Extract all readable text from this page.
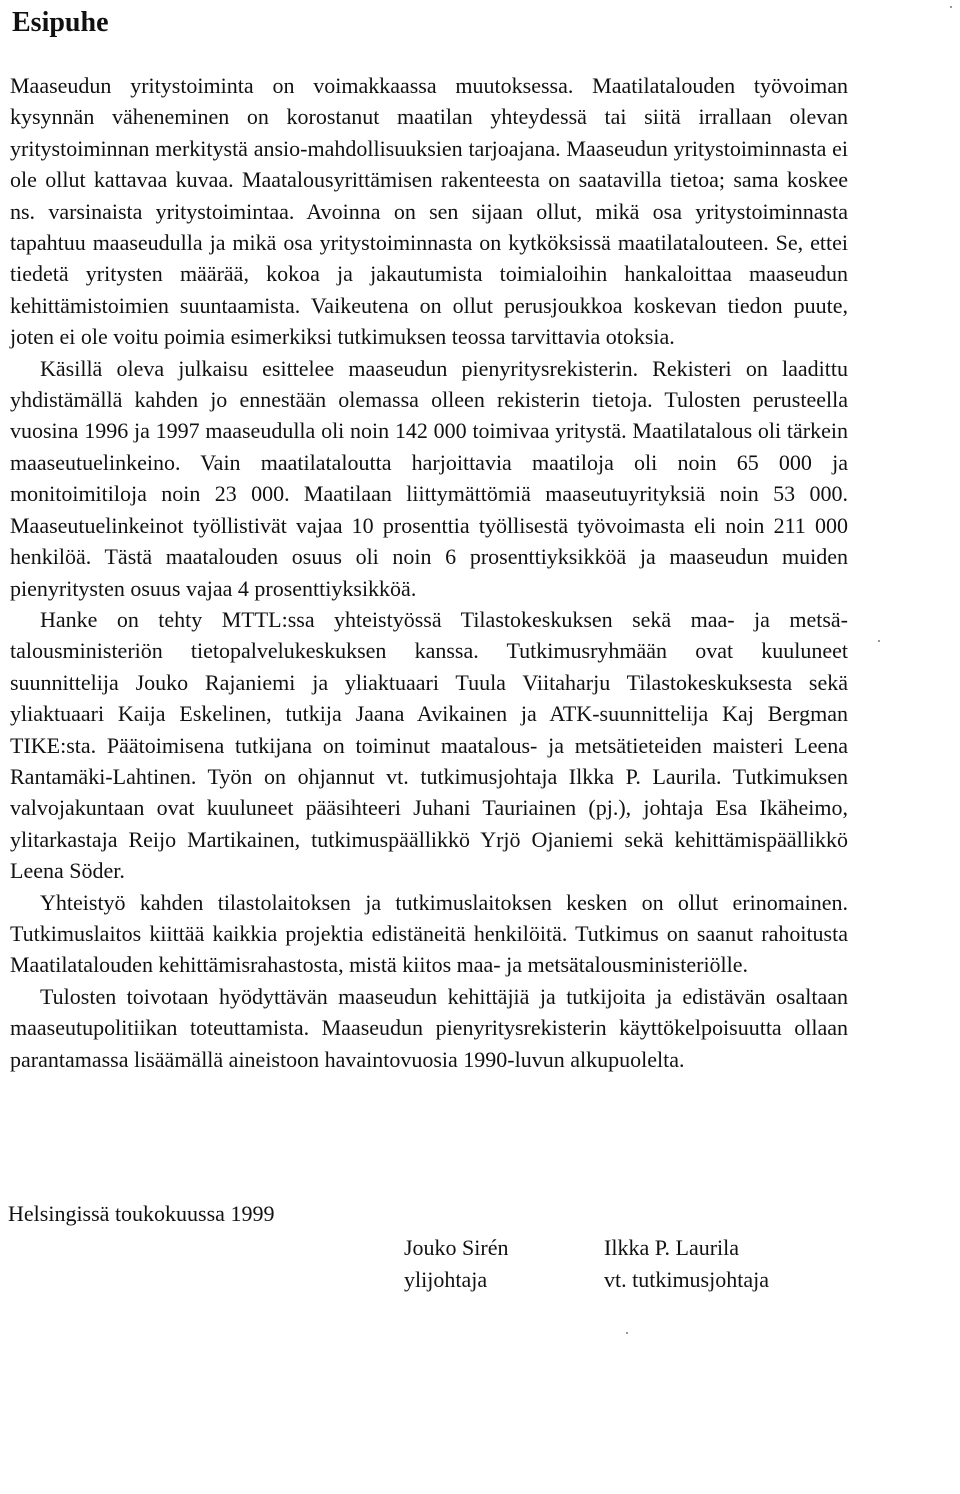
Esipuhe

Maaseudun yritystoiminta on voimakkaassa muutoksessa. Maatilatalouden työvoiman kysynnän väheneminen on korostanut maatilan yhteydessä tai siitä irrallaan olevan yritystoiminnan merkitystä ansio-mahdollisuuksien tarjoajana. Maaseudun yritystoiminnasta ei ole ollut kattavaa kuvaa. Maatalousyrittämisen rakenteesta on saatavilla tietoa; sama koskee ns. varsinaista yritystoimintaa. Avoinna on sen sijaan ollut, mikä osa yritystoiminnasta tapahtuu maaseudulla ja mikä osa yritystoiminnasta on kytköksissä maatilatalouteen. Se, ettei tiedetä yritysten määrää, kokoa ja jakautumista toimialoihin hankaloittaa maaseudun kehittämistoimien suuntaamista. Vaikeutena on ollut perusjoukkoa koskevan tiedon puute, joten ei ole voitu poimia esimerkiksi tutkimuksen teossa tarvittavia otoksia.

Käsillä oleva julkaisu esittelee maaseudun pienyritysrekisterin. Rekisteri on laadittu yhdistämällä kahden jo ennestään olemassa olleen rekisterin tietoja. Tulosten perusteella vuosina 1996 ja 1997 maaseudulla oli noin 142 000 toimivaa yritystä. Maatilatalous oli tärkein maaseutuelinkeino. Vain maatilataloutta harjoittavia maatiloja oli noin 65 000 ja monitoimitiloja noin 23 000. Maatilaan liittymättömiä maaseutuyrityksiä noin 53 000. Maaseutuelinkeinot työllistivät vajaa 10 prosenttia työllisestä työvoimasta eli noin 211 000 henkilöä. Tästä maatalouden osuus oli noin 6 prosenttiyksikköä ja maaseudun muiden pienyritysten osuus vajaa 4 prosenttiyksikköä.

Hanke on tehty MTTL:ssa yhteistyössä Tilastokeskuksen sekä maa- ja metsätalousministeriön tietopalvelukeskuksen kanssa. Tutkimusryhmään ovat kuuluneet suunnittelija Jouko Rajaniemi ja yliaktuaari Tuula Viitaharju Tilastokeskuksesta sekä yliaktuaari Kaija Eskelinen, tutkija Jaana Avikainen ja ATK-suunnittelija Kaj Bergman TIKE:sta. Päätoimisena tutkijana on toiminut maatalous- ja metsätieteiden maisteri Leena Rantamäki-Lahtinen. Työn on ohjannut vt. tutkimusjohtaja Ilkka P. Laurila. Tutkimuksen valvojakuntaan ovat kuuluneet pääsihteeri Juhani Tauriainen (pj.), johtaja Esa Ikäheimo, ylitarkastaja Reijo Martikainen, tutkimuspäällikkö Yrjö Ojaniemi sekä kehittämispäällikkö Leena Söder.

Yhteistyö kahden tilastolaitoksen ja tutkimuslaitoksen kesken on ollut erinomainen. Tutkimuslaitos kiittää kaikkia projektia edistäneitä henkilöitä. Tutkimus on saanut rahoitusta Maatilatalouden kehittämisrahastosta, mistä kiitos maa- ja metsätalousministeriölle.

Tulosten toivotaan hyödyttävän maaseudun kehittäjiä ja tutkijoita ja edistävän osaltaan maaseutupolitiikan toteuttamista. Maaseudun pienyritysrekisterin käyttökelpoisuutta ollaan parantamassa lisäämällä aineistoon havaintovuosia 1990-luvun alkupuolelta.

Helsingissä toukokuussa 1999
Jouko Sirén
ylijohtaja
Ilkka P. Laurila
vt. tutkimusjohtaja
